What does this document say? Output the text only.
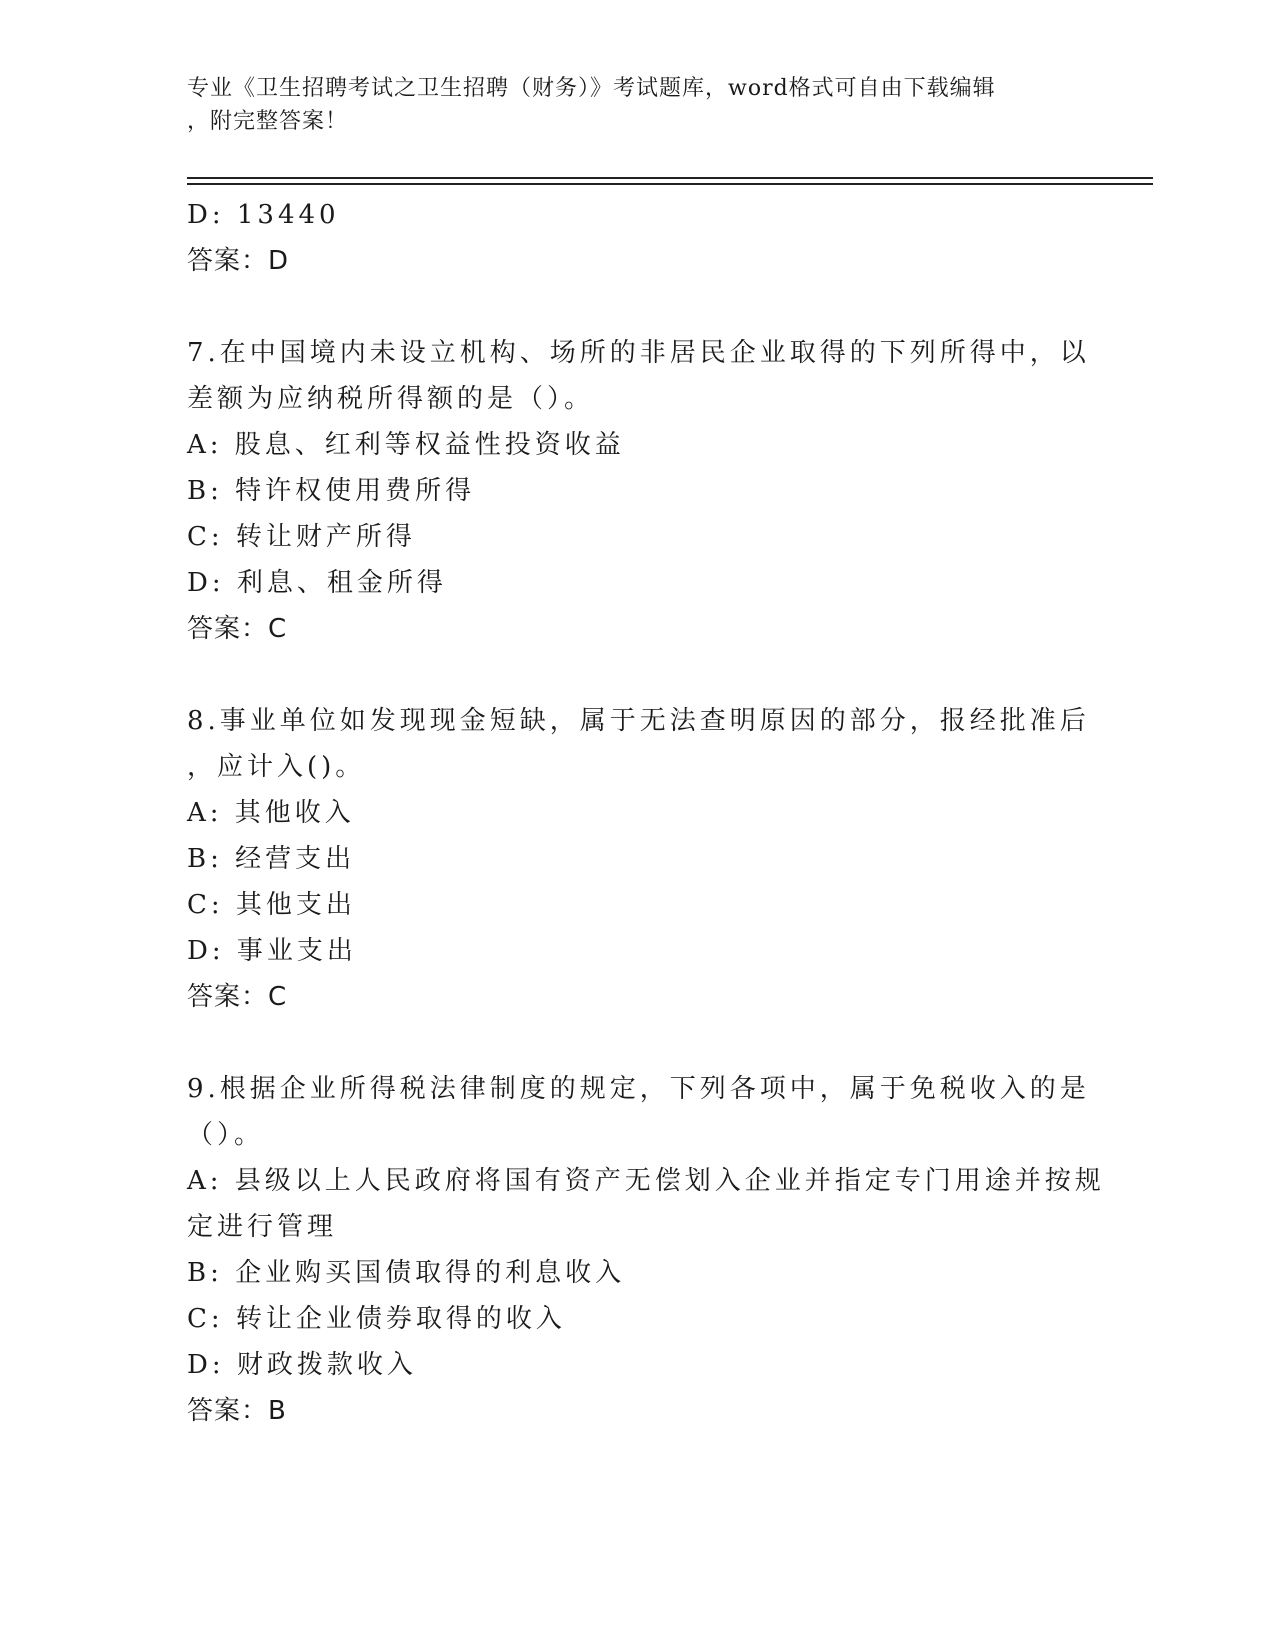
专业《卫生招聘考试之卫生招聘（财务）》考试题库，word格式可自由下载编辑
，附完整答案！
D: 13440
答案：D
7.在中国境内未设立机构、场所的非居民企业取得的下列所得中，以
差额为应纳税所得额的是（）。
A: 股息、红利等权益性投资收益
B: 特许权使用费所得
C: 转让财产所得
D: 利息、租金所得
答案：C
8.事业单位如发现现金短缺，属于无法查明原因的部分，报经批准后
，应计入()。
A: 其他收入
B: 经营支出
C: 其他支出
D: 事业支出
答案：C
9.根据企业所得税法律制度的规定，下列各项中，属于免税收入的是
（）。
A: 县级以上人民政府将国有资产无偿划入企业并指定专门用途并按规
定进行管理
B: 企业购买国债取得的利息收入
C: 转让企业债券取得的收入
D: 财政拨款收入
答案：B
